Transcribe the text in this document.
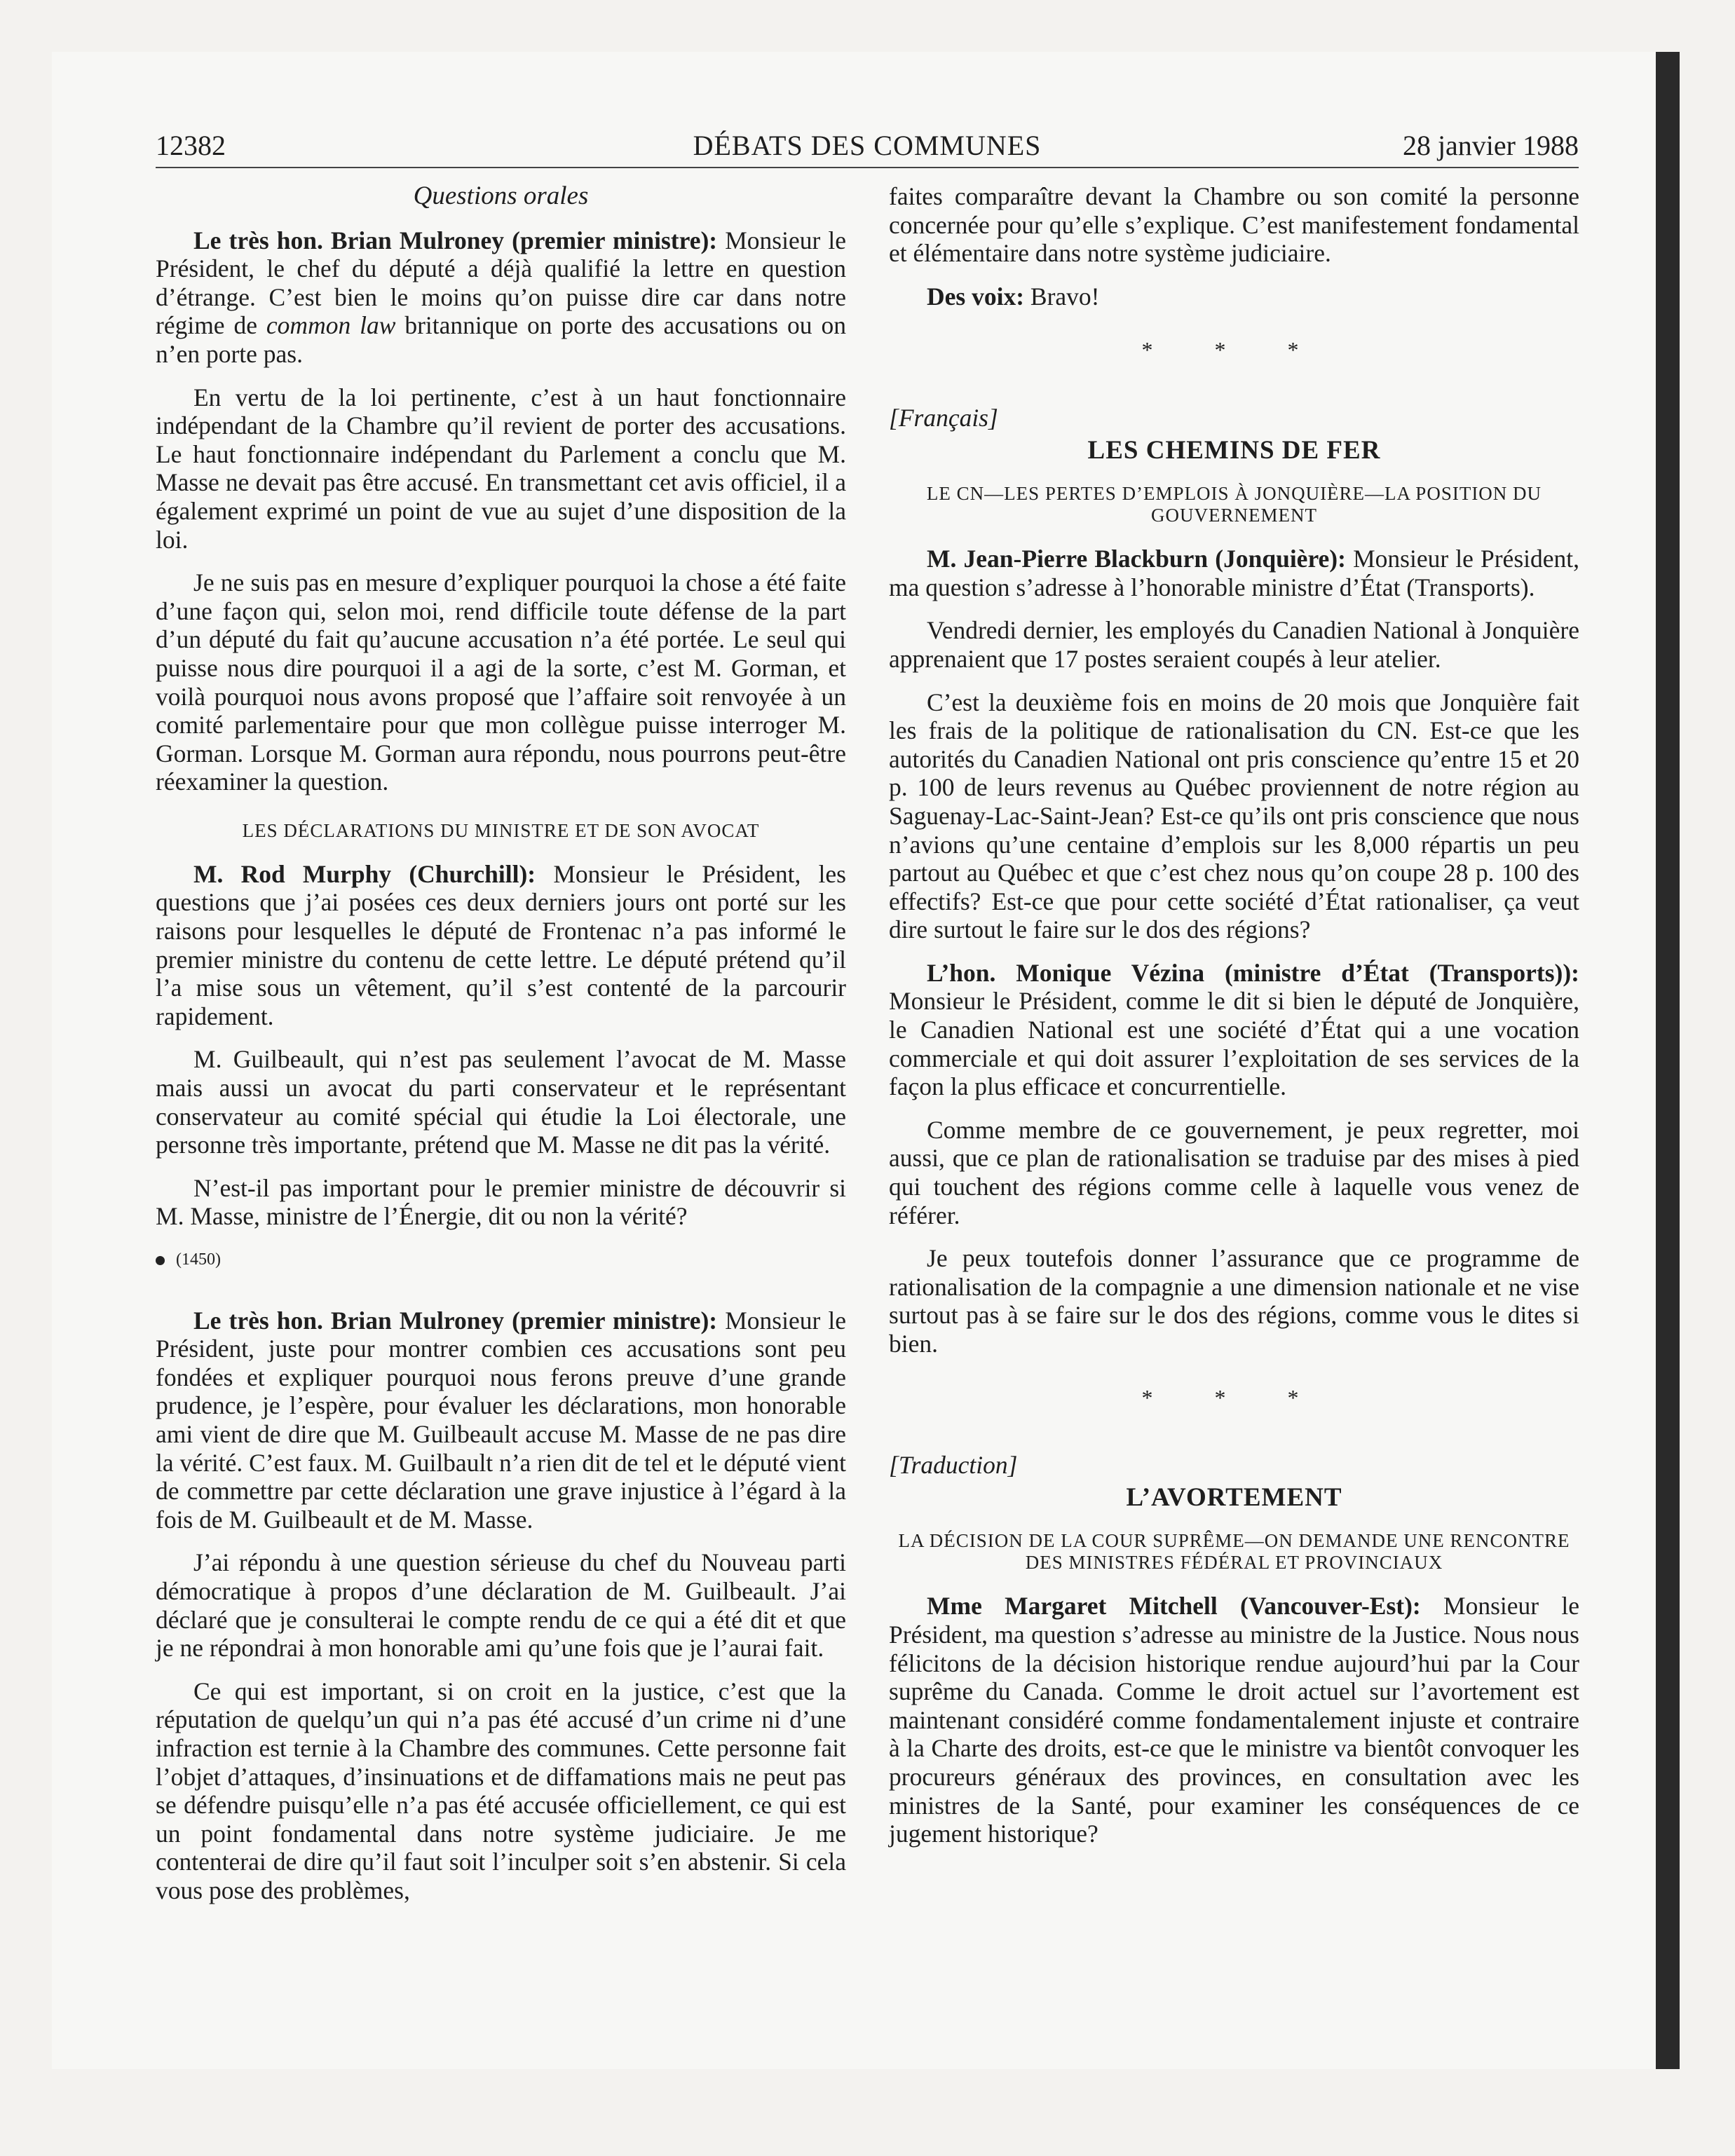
12382	DÉBATS DES COMMUNES	28 janvier 1988
Questions orales

Le très hon. Brian Mulroney (premier ministre): Monsieur le Président, le chef du député a déjà qualifié la lettre en question d’étrange. C’est bien le moins qu’on puisse dire car dans notre régime de common law britannique on porte des accusations ou on n’en porte pas.

En vertu de la loi pertinente, c’est à un haut fonctionnaire indépendant de la Chambre qu’il revient de porter des accusations. Le haut fonctionnaire indépendant du Parlement a conclu que M. Masse ne devait pas être accusé. En transmettant cet avis officiel, il a également exprimé un point de vue au sujet d’une disposition de la loi.

Je ne suis pas en mesure d’expliquer pourquoi la chose a été faite d’une façon qui, selon moi, rend difficile toute défense de la part d’un député du fait qu’aucune accusation n’a été portée. Le seul qui puisse nous dire pourquoi il a agi de la sorte, c’est M. Gorman, et voilà pourquoi nous avons proposé que l’affaire soit renvoyée à un comité parlementaire pour que mon collègue puisse interroger M. Gorman. Lorsque M. Gorman aura répondu, nous pourrons peut-être réexaminer la question.

LES DÉCLARATIONS DU MINISTRE ET DE SON AVOCAT

M. Rod Murphy (Churchill): Monsieur le Président, les questions que j’ai posées ces deux derniers jours ont porté sur les raisons pour lesquelles le député de Frontenac n’a pas informé le premier ministre du contenu de cette lettre. Le député prétend qu’il l’a mise sous un vêtement, qu’il s’est contenté de la parcourir rapidement.

M. Guilbeault, qui n’est pas seulement l’avocat de M. Masse mais aussi un avocat du parti conservateur et le représentant conservateur au comité spécial qui étudie la Loi électorale, une personne très importante, prétend que M. Masse ne dit pas la vérité.

N’est-il pas important pour le premier ministre de découvrir si M. Masse, ministre de l’Énergie, dit ou non la vérité?

(1450)

Le très hon. Brian Mulroney (premier ministre): Monsieur le Président, juste pour montrer combien ces accusations sont peu fondées et expliquer pourquoi nous ferons preuve d’une grande prudence, je l’espère, pour évaluer les déclarations, mon honorable ami vient de dire que M. Guilbeault accuse M. Masse de ne pas dire la vérité. C’est faux. M. Guilbault n’a rien dit de tel et le député vient de commettre par cette déclaration une grave injustice à l’égard à la fois de M. Guilbeault et de M. Masse.

J’ai répondu à une question sérieuse du chef du Nouveau parti démocratique à propos d’une déclaration de M. Guilbeault. J’ai déclaré que je consulterai le compte rendu de ce qui a été dit et que je ne répondrai à mon honorable ami qu’une fois que je l’aurai fait.

Ce qui est important, si on croit en la justice, c’est que la réputation de quelqu’un qui n’a pas été accusé d’un crime ni d’une infraction est ternie à la Chambre des communes. Cette personne fait l’objet d’attaques, d’insinuations et de diffamations mais ne peut pas se défendre puisqu’elle n’a pas été accusée officiellement, ce qui est un point fondamental dans notre système judiciaire. Je me contenterai de dire qu’il faut soit l’inculper soit s’en abstenir. Si cela vous pose des problèmes,

faites comparaître devant la Chambre ou son comité la personne concernée pour qu’elle s’explique. C’est manifestement fondamental et élémentaire dans notre système judiciaire.

Des voix: Bravo!

* * *
[Français]
LES CHEMINS DE FER
LE CN—LES PERTES D’EMPLOIS À JONQUIÈRE—LA POSITION DU GOUVERNEMENT

M. Jean-Pierre Blackburn (Jonquière): Monsieur le Président, ma question s’adresse à l’honorable ministre d’État (Transports).

Vendredi dernier, les employés du Canadien National à Jonquière apprenaient que 17 postes seraient coupés à leur atelier.

C’est la deuxième fois en moins de 20 mois que Jonquière fait les frais de la politique de rationalisation du CN. Est-ce que les autorités du Canadien National ont pris conscience qu’entre 15 et 20 p. 100 de leurs revenus au Québec proviennent de notre région au Saguenay-Lac-Saint-Jean? Est-ce qu’ils ont pris conscience que nous n’avions qu’une centaine d’emplois sur les 8,000 répartis un peu partout au Québec et que c’est chez nous qu’on coupe 28 p. 100 des effectifs? Est-ce que pour cette société d’État rationaliser, ça veut dire surtout le faire sur le dos des régions?

L’hon. Monique Vézina (ministre d’État (Transports)): Monsieur le Président, comme le dit si bien le député de Jonquière, le Canadien National est une société d’État qui a une vocation commerciale et qui doit assurer l’exploitation de ses services de la façon la plus efficace et concurrentielle.

Comme membre de ce gouvernement, je peux regretter, moi aussi, que ce plan de rationalisation se traduise par des mises à pied qui touchent des régions comme celle à laquelle vous venez de référer.

Je peux toutefois donner l’assurance que ce programme de rationalisation de la compagnie a une dimension nationale et ne vise surtout pas à se faire sur le dos des régions, comme vous le dites si bien.

* * *
[Traduction]
L’AVORTEMENT
LA DÉCISION DE LA COUR SUPRÊME—ON DEMANDE UNE RENCONTRE DES MINISTRES FÉDÉRAL ET PROVINCIAUX

Mme Margaret Mitchell (Vancouver-Est): Monsieur le Président, ma question s’adresse au ministre de la Justice. Nous nous félicitons de la décision historique rendue aujourd’hui par la Cour suprême du Canada. Comme le droit actuel sur l’avortement est maintenant considéré comme fondamentalement injuste et contraire à la Charte des droits, est-ce que le ministre va bientôt convoquer les procureurs généraux des provinces, en consultation avec les ministres de la Santé, pour examiner les conséquences de ce jugement historique?
